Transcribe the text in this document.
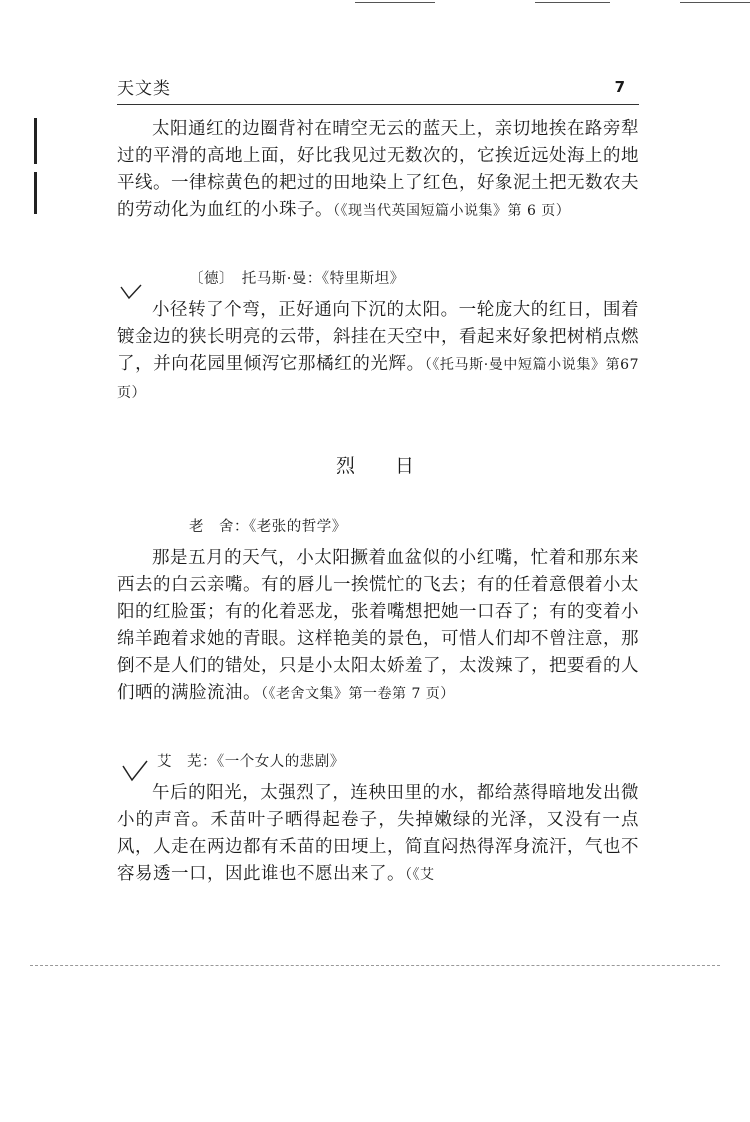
天文类	7

太阳通红的边圈背衬在晴空无云的蓝天上，亲切地挨在路旁犁过的平滑的高地上面，好比我见过无数次的，它挨近远处海上的地平线。一律棕黄色的耙过的田地染上了红色，好象泥土把无数农夫的劳动化为血红的小珠子。（《现当代英国短篇小说集》第 6 页）

〔德〕　托马斯·曼：《特里斯坦》

小径转了个弯，正好通向下沉的太阳。一轮庞大的红日，围着镀金边的狭长明亮的云带，斜挂在天空中，看起来好象把树梢点燃了，并向花园里倾泻它那橘红的光辉。（《托马斯·曼中短篇小说集》第67页）

烈日
老　舍：《老张的哲学》

那是五月的天气，小太阳撅着血盆似的小红嘴，忙着和那东来西去的白云亲嘴。有的唇儿一挨慌忙的飞去；有的任着意偎着小太阳的红脸蛋；有的化着恶龙，张着嘴想把她一口吞了；有的变着小绵羊跑着求她的青眼。这样艳美的景色，可惜人们却不曾注意，那倒不是人们的错处，只是小太阳太娇羞了，太泼辣了，把要看的人们晒的满脸流油。（《老舍文集》第一卷第 7 页）

艾　芜：《一个女人的悲剧》

午后的阳光，太强烈了，连秧田里的水，都给蒸得暗地发出微小的声音。禾苗叶子晒得起卷子，失掉嫩绿的光泽，又没有一点风，人走在两边都有禾苗的田埂上，简直闷热得浑身流汗，气也不容易透一口，因此谁也不愿出来了。（《艾
